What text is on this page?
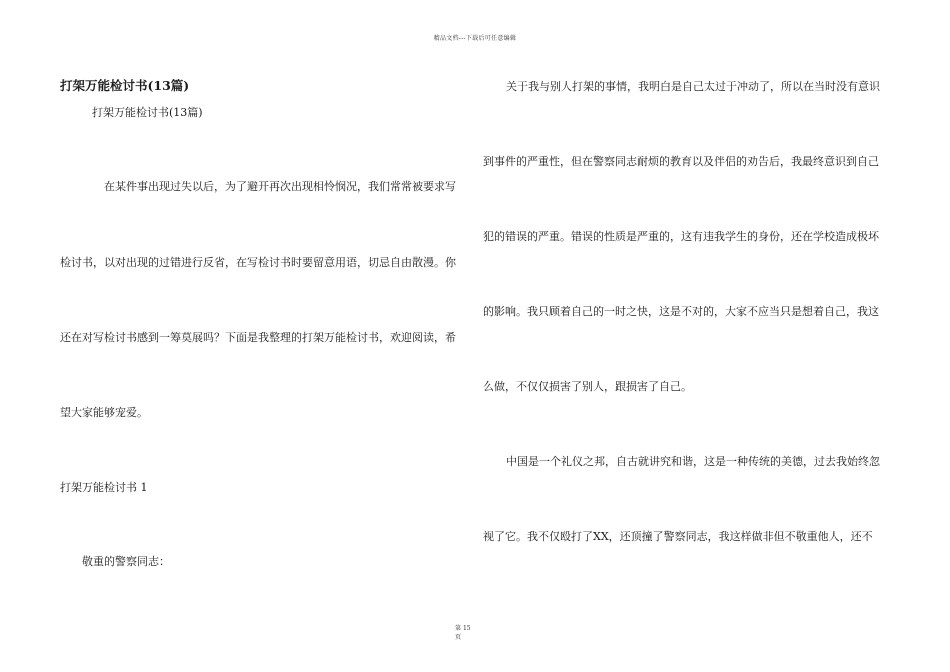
精品文档---下载后可任意编辑
打架万能检讨书(13篇)
打架万能检讨书(13篇)
在某件事出现过失以后，为了避开再次出现相怜悯况，我们常常被要求写
检讨书，以对出现的过错进行反省，在写检讨书时要留意用语，切忌自由散漫。你
还在对写检讨书感到一筹莫展吗？下面是我整理的打架万能检讨书，欢迎阅读，希
望大家能够宠爱。
打架万能检讨书 1
敬重的警察同志：
关于我与别人打架的事情，我明白是自己太过于冲动了，所以在当时没有意识
到事件的严重性，但在警察同志耐烦的教育以及伴侣的劝告后，我最终意识到自己
犯的错误的严重。错误的性质是严重的，这有违我学生的身份，还在学校造成极坏
的影响。我只顾着自己的一时之快，这是不对的，大家不应当只是想着自己，我这
么做，不仅仅损害了别人，跟损害了自己。
中国是一个礼仪之邦，自古就讲究和谐，这是一种传统的美德，过去我始终忽
视了它。我不仅殴打了XX，还顶撞了警察同志，我这样做非但不敬重他人，还不
第 15
页
